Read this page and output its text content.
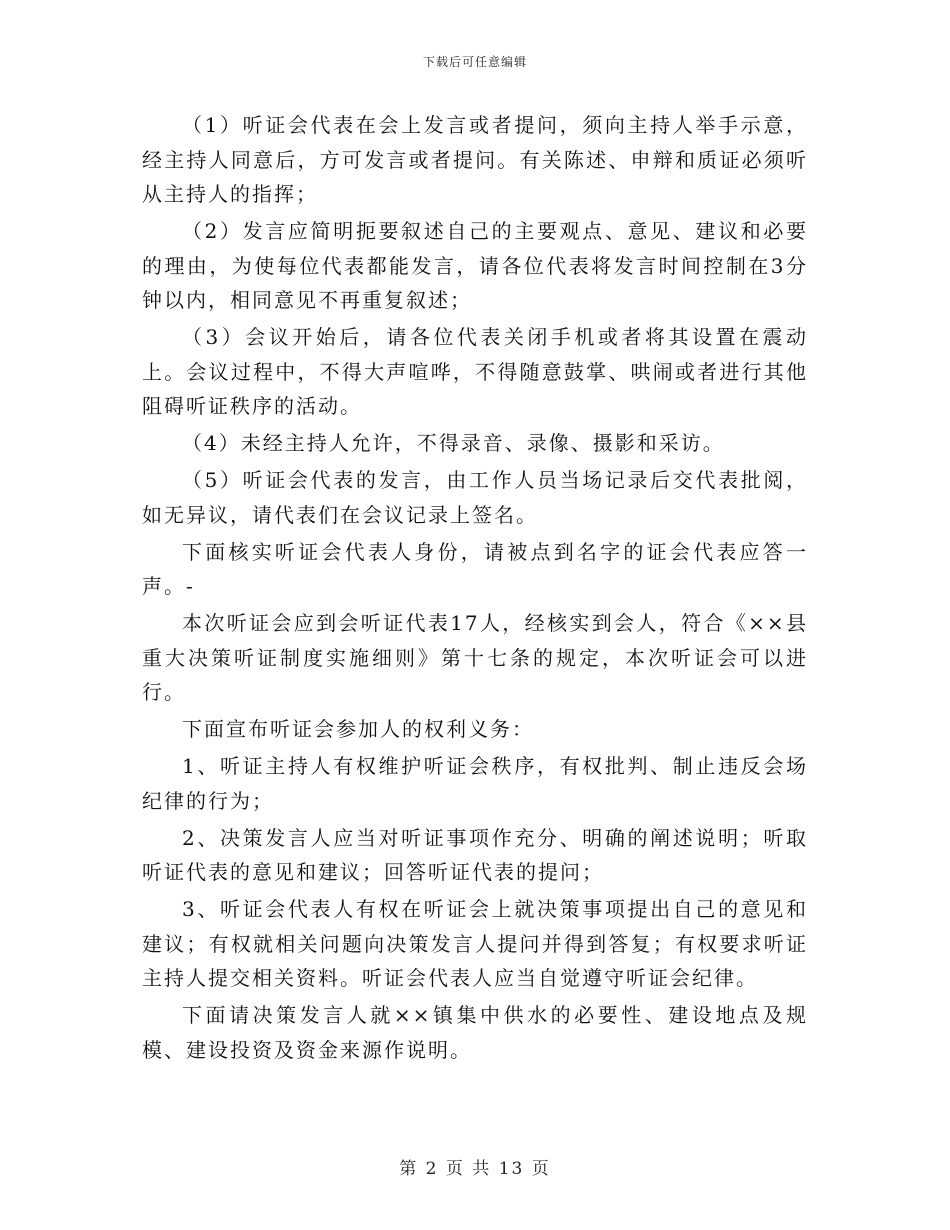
下载后可任意编辑

（1）听证会代表在会上发言或者提问，须向主持人举手示意，经主持人同意后，方可发言或者提问。有关陈述、申辩和质证必须听从主持人的指挥；

（2）发言应简明扼要叙述自己的主要观点、意见、建议和必要的理由，为使每位代表都能发言，请各位代表将发言时间控制在3分钟以内，相同意见不再重复叙述；

（3）会议开始后，请各位代表关闭手机或者将其设置在震动上。会议过程中，不得大声喧哗，不得随意鼓掌、哄闹或者进行其他阻碍听证秩序的活动。

（4）未经主持人允许，不得录音、录像、摄影和采访。

（5）听证会代表的发言，由工作人员当场记录后交代表批阅，如无异议，请代表们在会议记录上签名。

下面核实听证会代表人身份，请被点到名字的证会代表应答一声。-

本次听证会应到会听证代表17人，经核实到会人，符合《××县重大决策听证制度实施细则》第十七条的规定，本次听证会可以进行。

下面宣布听证会参加人的权利义务：

1、听证主持人有权维护听证会秩序，有权批判、制止违反会场纪律的行为；

2、决策发言人应当对听证事项作充分、明确的阐述说明；听取听证代表的意见和建议；回答听证代表的提问；

3、听证会代表人有权在听证会上就决策事项提出自己的意见和建议；有权就相关问题向决策发言人提问并得到答复；有权要求听证主持人提交相关资料。听证会代表人应当自觉遵守听证会纪律。

下面请决策发言人就××镇集中供水的必要性、建设地点及规模、建设投资及资金来源作说明。

第 2 页 共 13 页
